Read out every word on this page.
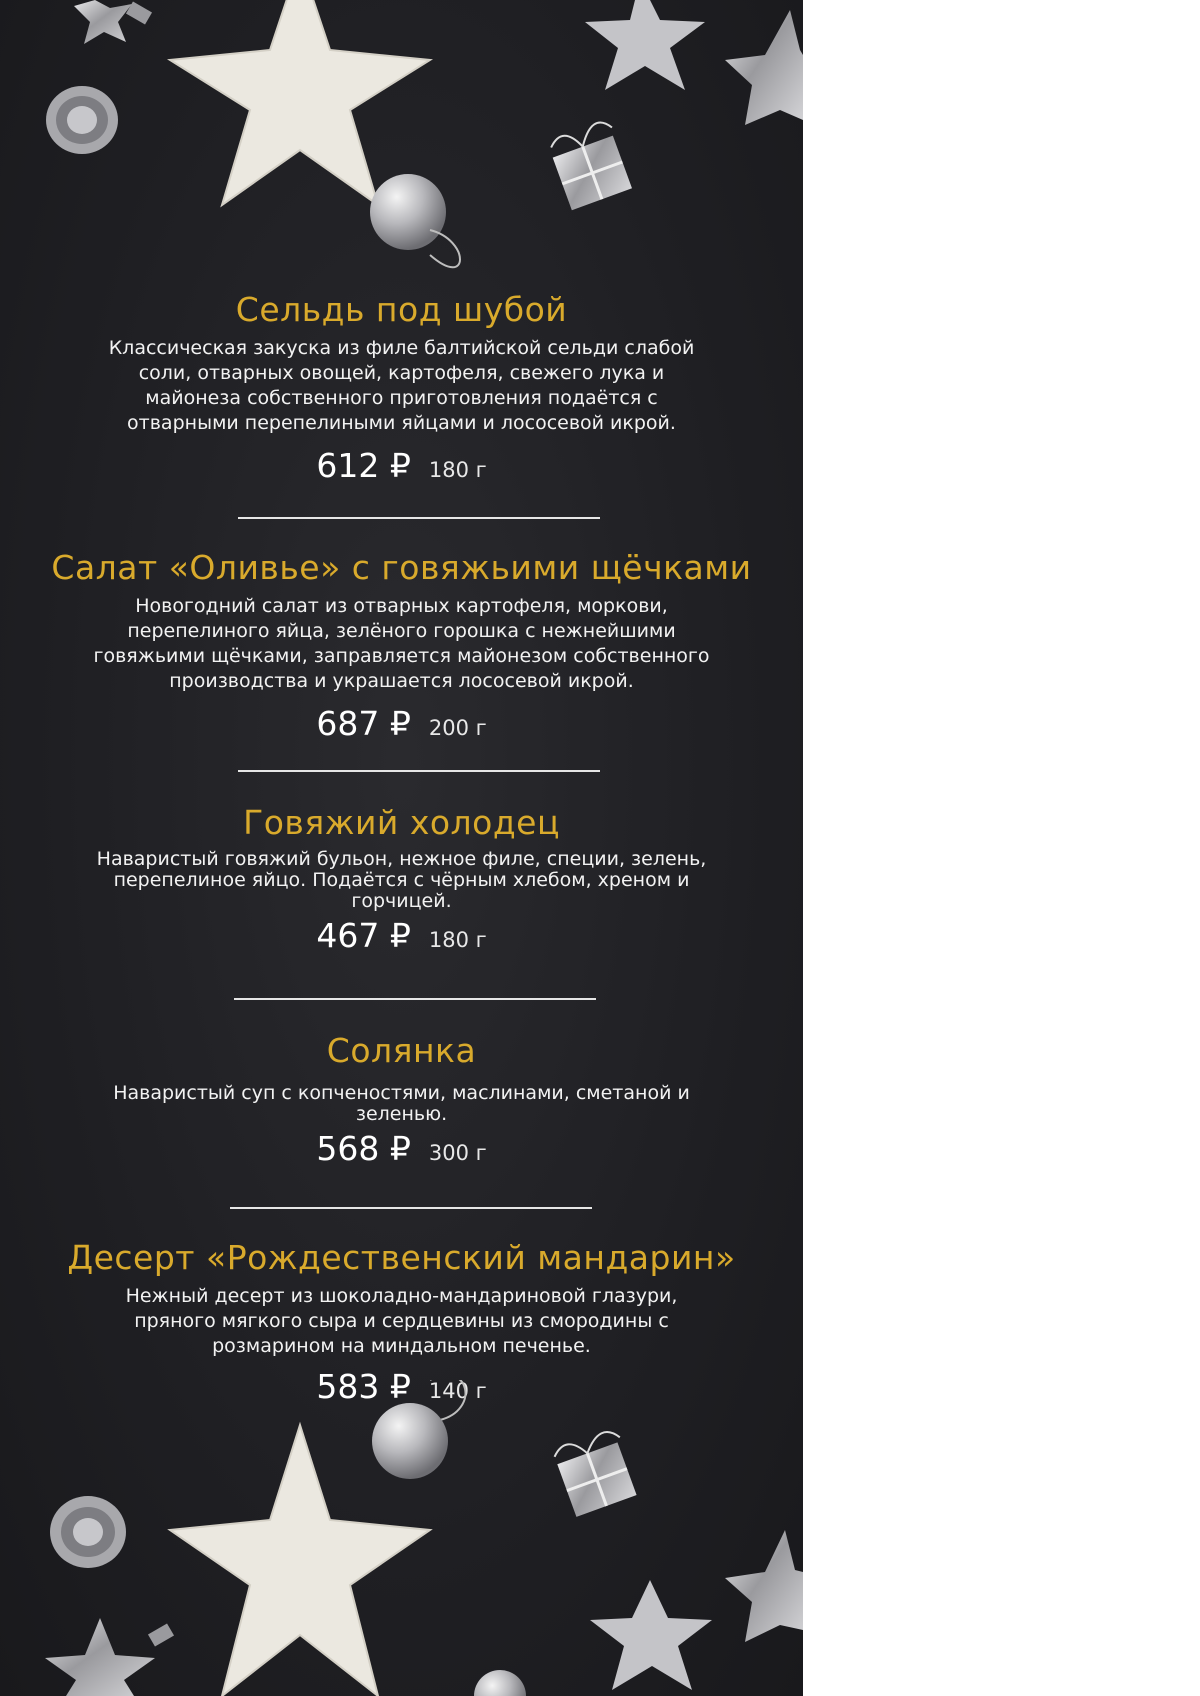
Сельдь под шубой

Классическая закуска из филе балтийской сельди слабой соли, отварных овощей, картофеля, свежего лука и майонеза собственного приготовления подаётся с отварными перепелиными яйцами и лососевой икрой.

612 ₽ 180 г
Салат «Оливье» с говяжьими щёчками

Новогодний салат из отварных картофеля, моркови, перепелиного яйца, зелёного горошка с нежнейшими говяжьими щёчками, заправляется майонезом собственного производства и украшается лососевой икрой.

687 ₽ 200 г
Говяжий холодец

Наваристый говяжий бульон, нежное филе, специи, зелень, перепелиное яйцо. Подаётся с чёрным хлебом, хреном и горчицей.

467 ₽ 180 г
Солянка

Наваристый суп с копченостями, маслинами, сметаной и зеленью.

568 ₽ 300 г
Десерт «Рождественский мандарин»

Нежный десерт из шоколадно-мандариновой глазури, пряного мягкого сыра и сердцевины из смородины с розмарином на миндальном печенье.

583 ₽ 140 г
